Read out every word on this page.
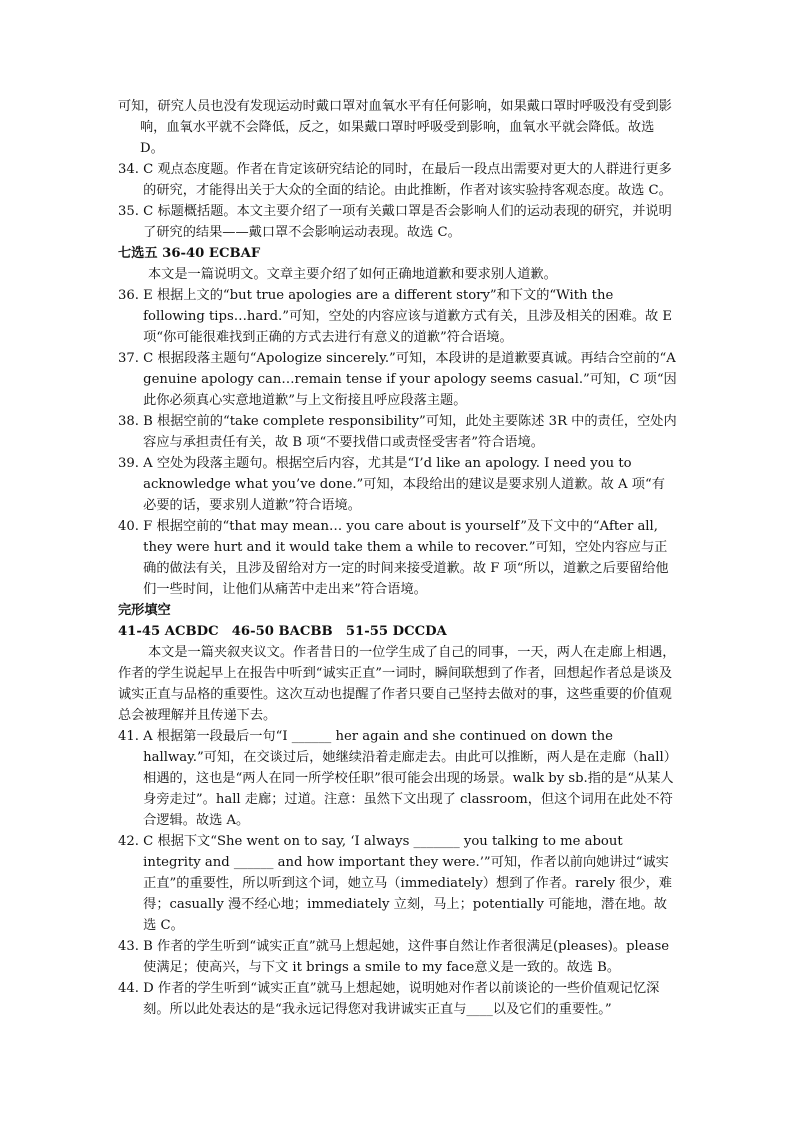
可知，研究人员也没有发现运动时戴口罩对血氧水平有任何影响，如果戴口罩时呼吸没有受到影响，血氧水平就不会降低，反之，如果戴口罩时呼吸受到影响，血氧水平就会降低。故选 D。

34. C 观点态度题。作者在肯定该研究结论的同时，在最后一段点出需要对更大的人群进行更多的研究，才能得出关于大众的全面的结论。由此推断，作者对该实验持客观态度。故选 C。
35. C 标题概括题。本文主要介绍了一项有关戴口罩是否会影响人们的运动表现的研究，并说明了研究的结果——戴口罩不会影响运动表现。故选 C。

七选五 36-40 ECBAF

本文是一篇说明文。文章主要介绍了如何正确地道歉和要求别人道歉。

36. E 根据上文的“but true apologies are a different story”和下文的“With the following tips…hard.”可知，空处的内容应该与道歉方式有关，且涉及相关的困难。故 E 项“你可能很难找到正确的方式去进行有意义的道歉”符合语境。
37. C 根据段落主题句“Apologize sincerely.”可知，本段讲的是道歉要真诚。再结合空前的“A genuine apology can…remain tense if your apology seems casual.”可知，C 项“因此你必须真心实意地道歉”与上文衔接且呼应段落主题。
38. B 根据空前的“take complete responsibility”可知，此处主要陈述 3R 中的责任，空处内容应与承担责任有关，故 B 项“不要找借口或责怪受害者”符合语境。
39. A 空处为段落主题句。根据空后内容，尤其是“I’d like an apology. I need you to acknowledge what you’ve done.”可知，本段给出的建议是要求别人道歉。故 A 项“有必要的话，要求别人道歉”符合语境。
40. F 根据空前的“that may mean… you care about is yourself”及下文中的“After all, they were hurt and it would take them a while to recover.”可知，空处内容应与正确的做法有关，且涉及留给对方一定的时间来接受道歉。故 F 项“所以，道歉之后要留给他们一些时间，让他们从痛苦中走出来”符合语境。

完形填空

41-45 ACBDC　46-50 BACBB　51-55 DCCDA

本文是一篇夹叙夹议文。作者昔日的一位学生成了自己的同事，一天，两人在走廊上相遇，作者的学生说起早上在报告中听到“诚实正直”一词时，瞬间联想到了作者，回想起作者总是谈及诚实正直与品格的重要性。这次互动也提醒了作者只要自己坚持去做对的事，这些重要的价值观总会被理解并且传递下去。

41. A 根据第一段最后一句“I ______ her again and she continued on down the hallway.”可知，在交谈过后，她继续沿着走廊走去。由此可以推断，两人是在走廊（hall）相遇的，这也是“两人在同一所学校任职”很可能会出现的场景。walk by sb.指的是“从某人身旁走过”。hall 走廊；过道。注意：虽然下文出现了 classroom，但这个词用在此处不符合逻辑。故选 A。
42. C 根据下文“She went on to say, ‘I always _______ you talking to me about integrity and ______ and how important they were.’”可知，作者以前向她讲过“诚实正直”的重要性，所以听到这个词，她立马（immediately）想到了作者。rarely 很少，难得；casually 漫不经心地；immediately 立刻，马上；potentially 可能地，潜在地。故选 C。
43. B 作者的学生听到“诚实正直”就马上想起她，这件事自然让作者很满足(pleases)。please 使满足；使高兴，与下文 it brings a smile to my face意义是一致的。故选 B。
44. D 作者的学生听到“诚实正直”就马上想起她，说明她对作者以前谈论的一些价值观记忆深刻。所以此处表达的是“我永远记得您对我讲诚实正直与____以及它们的重要性。”
